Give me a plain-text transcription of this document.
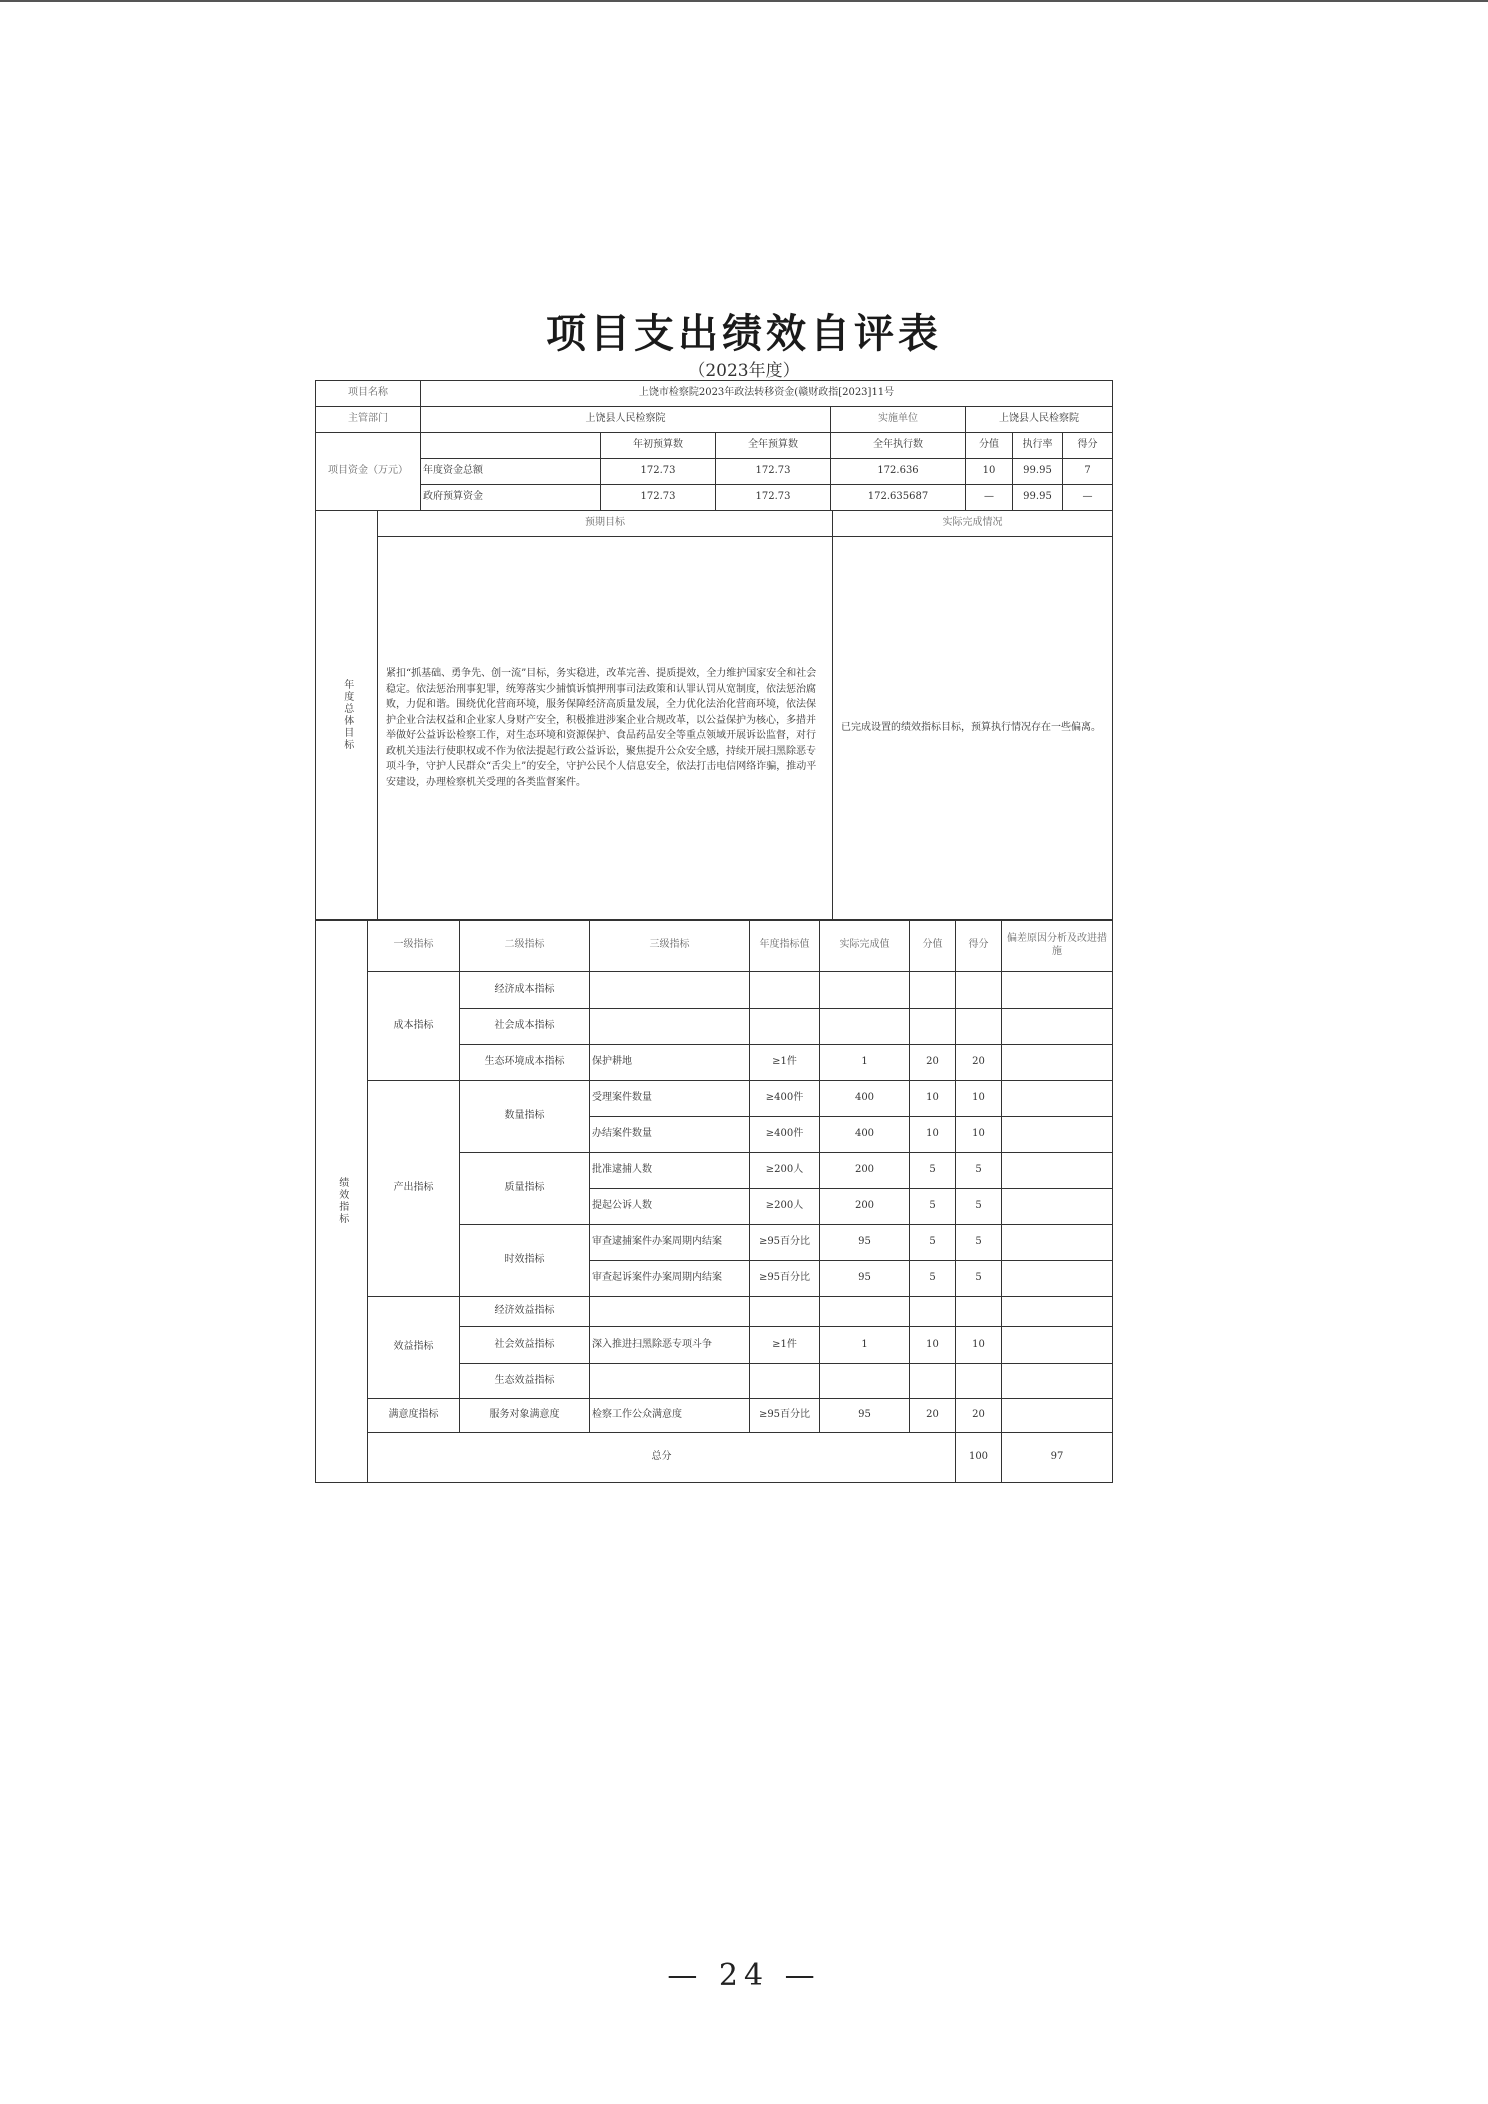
项目支出绩效自评表
（2023年度）
项目名称	上饶市检察院2023年政法转移资金(赣财政指[2023]11号						
主管部门	上饶县人民检察院			实施单位	上饶县人民检察院		
项目资金（万元）		年初预算数	全年预算数	全年执行数	分值	执行率	得分
	年度资金总额	172.73	172.73	172.636	10	99.95	7
	政府预算资金	172.73	172.73	172.635687	—	99.95	—
年度总体目标	预期目标	实际完成情况
	紧扣“抓基础、勇争先、创一流”目标，务实稳进，改革完善、提质提效，全力维护国家安全和社会稳定。依法惩治刑事犯罪，统筹落实少捕慎诉慎押刑事司法政策和认罪认罚从宽制度，依法惩治腐败，力促和谐。围绕优化营商环境，服务保障经济高质量发展，全力优化法治化营商环境，依法保护企业合法权益和企业家人身财产安全，积极推进涉案企业合规改革，以公益保护为核心，多措并举做好公益诉讼检察工作，对生态环境和资源保护、食品药品安全等重点领域开展诉讼监督，对行政机关违法行使职权或不作为依法提起行政公益诉讼，聚焦提升公众安全感，持续开展扫黑除恶专项斗争，守护人民群众“舌尖上”的安全，守护公民个人信息安全，依法打击电信网络诈骗，推动平安建设，办理检察机关受理的各类监督案件。	已完成设置的绩效指标目标，预算执行情况存在一些偏离。
绩效指标	一级指标	二级指标	三级指标	年度指标值	实际完成值	分值	得分	偏差原因分析及改进措施	
	成本指标	经济成本指标							
		社会成本指标							
		生态环境成本指标	保护耕地	≥1件	1	20	20		
	产出指标	数量指标	受理案件数量	≥400件	400	10	10		
			办结案件数量	≥400件	400	10	10		
		质量指标	批准逮捕人数	≥200人	200	5	5		
			提起公诉人数	≥200人	200	5	5		
		时效指标	审查逮捕案件办案周期内结案	≥95百分比	95	5	5		
			审查起诉案件办案周期内结案	≥95百分比	95	5	5		
	效益指标	经济效益指标							
		社会效益指标	深入推进扫黑除恶专项斗争	≥1件	1	10	10		
		生态效益指标							
	满意度指标	服务对象满意度	检察工作公众满意度	≥95百分比	95	20	20		
	总分						100	97	
— 24 —
